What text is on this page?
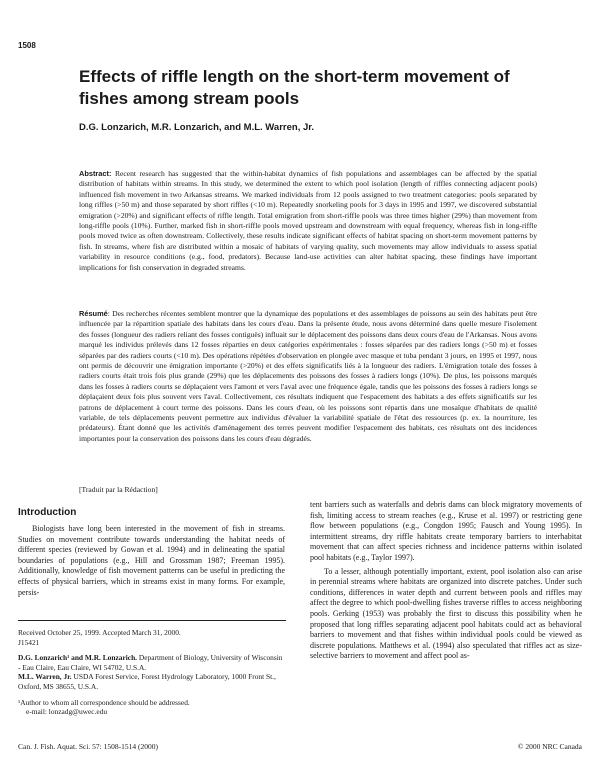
1508
Effects of riffle length on the short-term movement of fishes among stream pools
D.G. Lonzarich, M.R. Lonzarich, and M.L. Warren, Jr.

Abstract: Recent research has suggested that the within-habitat dynamics of fish populations and assemblages can be affected by the spatial distribution of habitats within streams. In this study, we determined the extent to which pool isolation (length of riffles connecting adjacent pools) influenced fish movement in two Arkansas streams. We marked individuals from 12 pools assigned to two treatment categories: pools separated by long riffles (>50 m) and those separated by short riffles (<10 m). Repeatedly snorkeling pools for 3 days in 1995 and 1997, we discovered substantial emigration (>20%) and significant effects of riffle length. Total emigration from short-riffle pools was three times higher (29%) than movement from long-riffle pools (10%). Further, marked fish in short-riffle pools moved upstream and downstream with equal frequency, whereas fish in long-riffle pools moved twice as often downstream. Collectively, these results indicate significant effects of habitat spacing on short-term movement patterns by fish. In streams, where fish are distributed within a mosaic of habitats of varying quality, such movements may allow individuals to assess spatial variability in resource conditions (e.g., food, predators). Because land-use activities can alter habitat spacing, these findings have important implications for fish conservation in degraded streams.

Résumé: Des recherches récentes semblent montrer que la dynamique des populations et des assemblages de poissons au sein des habitats peut être influencée par la répartition spatiale des habitats dans les cours d'eau. Dans la présente étude, nous avons déterminé dans quelle mesure l'isolement des fosses (longueur des radiers reliant des fosses contiguës) influait sur le déplacement des poissons dans deux cours d'eau de l'Arkansas. Nous avons marqué les individus prélevés dans 12 fosses réparties en deux catégories expérimentales : fosses séparées par des radiers longs (>50 m) et fosses séparées par des radiers courts (<10 m). Des opérations répétées d'observation en plongée avec masque et tuba pendant 3 jours, en 1995 et 1997, nous ont permis de découvrir une émigration importante (>20%) et des effets significatifs liés à la longueur des radiers. L'émigration totale des fosses à radiers courts était trois fois plus grande (29%) que les déplacements des poissons des fosses à radiers longs (10%). De plus, les poissons marqués dans les fosses à radiers courts se déplaçaient vers l'amont et vers l'aval avec une fréquence égale, tandis que les poissons des fosses à radiers longs se déplaçaient deux fois plus souvent vers l'aval. Collectivement, ces résultats indiquent que l'espacement des habitats a des effets significatifs sur les patrons de déplacement à court terme des poissons. Dans les cours d'eau, où les poissons sont répartis dans une mosaïque d'habitats de qualité variable, de tels déplacements peuvent permettre aux individus d'évaluer la variabilité spatiale de l'état des ressources (p. ex. la nourriture, les prédateurs). Étant donné que les activités d'aménagement des terres peuvent modifier l'espacement des habitats, ces résultats ont des incidences importantes pour la conservation des poissons dans les cours d'eau dégradés.

[Traduit par la Rédaction]
Introduction

Biologists have long been interested in the movement of fish in streams. Studies on movement contribute towards understanding the habitat needs of different species (reviewed by Gowan et al. 1994) and in delineating the spatial boundaries of populations (e.g., Hill and Grossman 1987; Freeman 1995). Additionally, knowledge of fish movement patterns can be useful in predicting the effects of physical barriers, which in streams exist in many forms. For example, persis-

Received October 25, 1999. Accepted March 31, 2000.
J15421
D.G. Lonzarich¹ and M.R. Lonzarich. Department of Biology, University of Wisconsin - Eau Claire, Eau Claire, WI 54702, U.S.A.
M.L. Warren, Jr. USDA Forest Service, Forest Hydrology Laboratory, 1000 Front St., Oxford, MS 38655, U.S.A.
¹Author to whom all correspondence should be addressed.
e-mail: lonzadg@uwec.edu

tent barriers such as waterfalls and debris dams can block migratory movements of fish, limiting access to stream reaches (e.g., Kruse et al. 1997) or restricting gene flow between populations (e.g., Congdon 1995; Fausch and Young 1995). In intermittent streams, dry riffle habitats create temporary barriers to interhabitat movement that can affect species richness and incidence patterns within isolated pool habitats (e.g., Taylor 1997).

To a lesser, although potentially important, extent, pool isolation also can arise in perennial streams where habitats are organized into discrete patches. Under such conditions, differences in water depth and current between pools and riffles may affect the degree to which pool-dwelling fishes traverse riffles to access neighboring pools. Gerking (1953) was probably the first to discuss this possibility when he proposed that long riffles separating adjacent pool habitats could act as behavioral barriers to movement and that fishes within individual pools could be viewed as discrete populations. Matthews et al. (1994) also speculated that riffles act as size-selective barriers to movement and affect pool as-

Can. J. Fish. Aquat. Sci. 57: 1508-1514 (2000)	© 2000 NRC Canada
